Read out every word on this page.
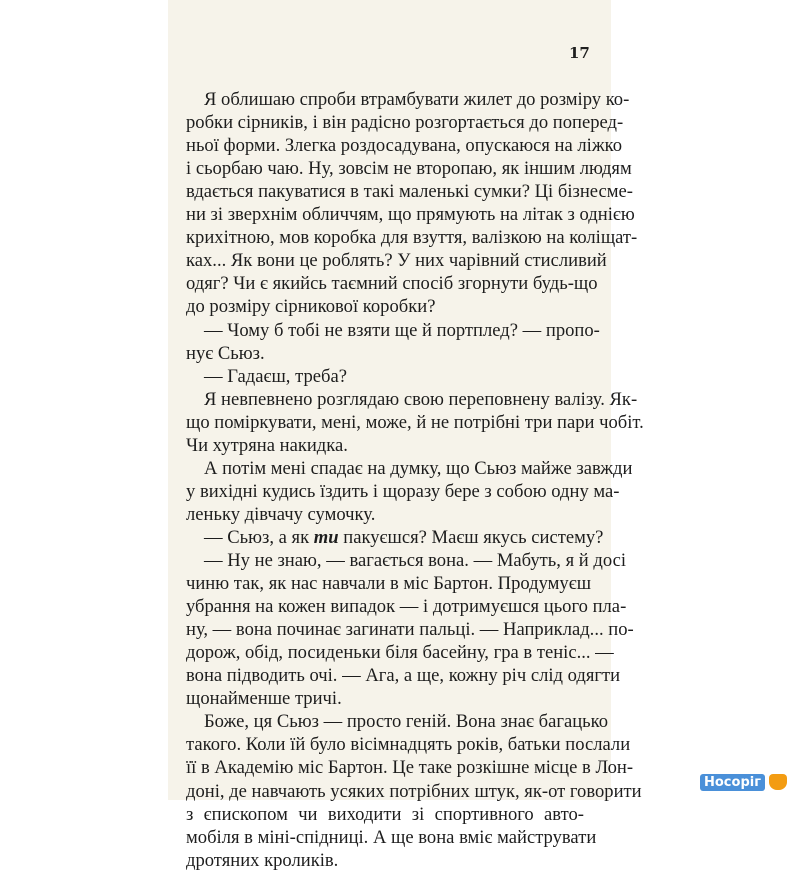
17
Я облишаю спроби втрамбувати жилет до розміру ко-
робки сірників, і він радісно розгортається до поперед-
ньої форми. Злегка роздосадувана, опускаюся на ліжко
і сьорбаю чаю. Ну, зовсім не второпаю, як іншим людям
вдається пакуватися в такі маленькі сумки? Ці бізнесме-
ни зі зверхнім обличчям, що прямують на літак з однією
крихітною, мов коробка для взуття, валізкою на коліщат-
ках... Як вони це роблять? У них чарівний стисливий
одяг? Чи є якийсь таємний спосіб згорнути будь-що
до розміру сірникової коробки?
— Чому б тобі не взяти ще й портплед? — пропо-
нує Сьюз.
— Гадаєш, треба?
Я невпевнено розглядаю свою переповнену валізу. Як-
що поміркувати, мені, може, й не потрібні три пари чобіт.
Чи хутряна накидка.
А потім мені спадає на думку, що Сьюз майже завжди
у вихідні кудись їздить і щоразу бере з собою одну ма-
леньку дівчачу сумочку.
— Сьюз, а як ти пакуєшся? Маєш якусь систему?
— Ну не знаю, — вагається вона. — Мабуть, я й досі
чиню так, як нас навчали в міс Бартон. Продумуєш
убрання на кожен випадок — і дотримуєшся цього пла-
ну, — вона починає загинати пальці. — Наприклад... по-
дорож, обід, посиденьки біля басейну, гра в теніс... —
вона підводить очі. — Ага, а ще, кожну річ слід одягти
щонайменше тричі.
Боже, ця Сьюз — просто геній. Вона знає багацько
такого. Коли їй було вісімнадцять років, батьки послали
її в Академію міс Бартон. Це таке розкішне місце в Лон-
доні, де навчають усяких потрібних штук, як-от говорити
з єпископом чи виходити зі спортивного авто-
мобіля в міні-спідниці. А ще вона вміє майструвати
дротяних кроликів.
Носоріг
